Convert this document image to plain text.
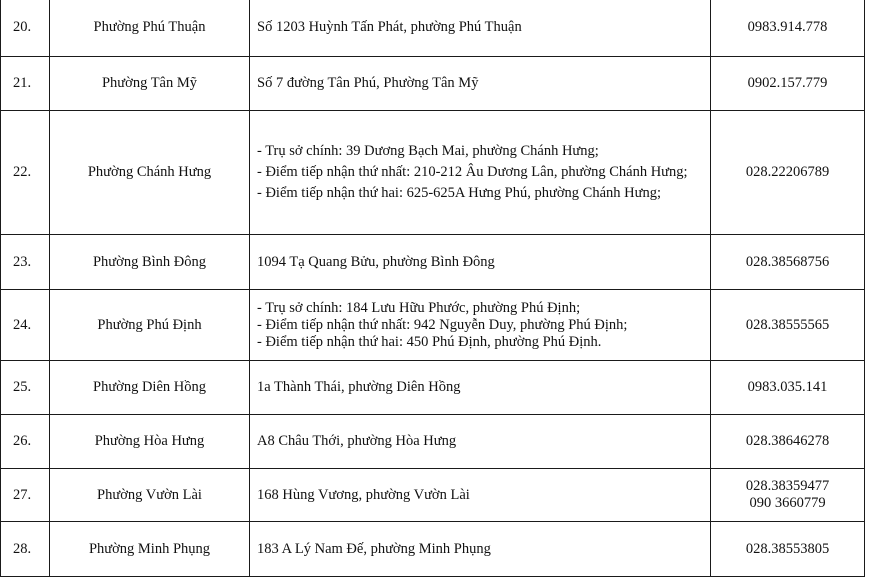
20.	Phường Phú Thuận	Số 1203 Huỳnh Tấn Phát, phường Phú Thuận	0983.914.778

21.	Phường Tân Mỹ	Số 7 đường Tân Phú, Phường Tân Mỹ	0902.157.779

22.	Phường Chánh Hưng	- Trụ sở chính: 39 Dương Bạch Mai, phường Chánh Hưng;
- Điểm tiếp nhận thứ nhất: 210-212 Âu Dương Lân, phường Chánh Hưng;
- Điểm tiếp nhận thứ hai: 625-625A Hưng Phú, phường Chánh Hưng;	028.22206789

23.	Phường Bình Đông	1094 Tạ Quang Bửu, phường Bình Đông	028.38568756

24.	Phường Phú Định	- Trụ sở chính: 184 Lưu Hữu Phước, phường Phú Định;
- Điểm tiếp nhận thứ nhất: 942 Nguyễn Duy, phường Phú Định;
- Điểm tiếp nhận thứ hai: 450 Phú Định, phường Phú Định.	028.38555565

25.	Phường Diên Hồng	1a Thành Thái, phường Diên Hồng	0983.035.141

26.	Phường Hòa Hưng	A8 Châu Thới, phường Hòa Hưng	028.38646278

27.	Phường Vườn Lài	168 Hùng Vương, phường Vườn Lài	028.38359477
090 3660779

28.	Phường Minh Phụng	183 A Lý Nam Đế, phường Minh Phụng	028.38553805
